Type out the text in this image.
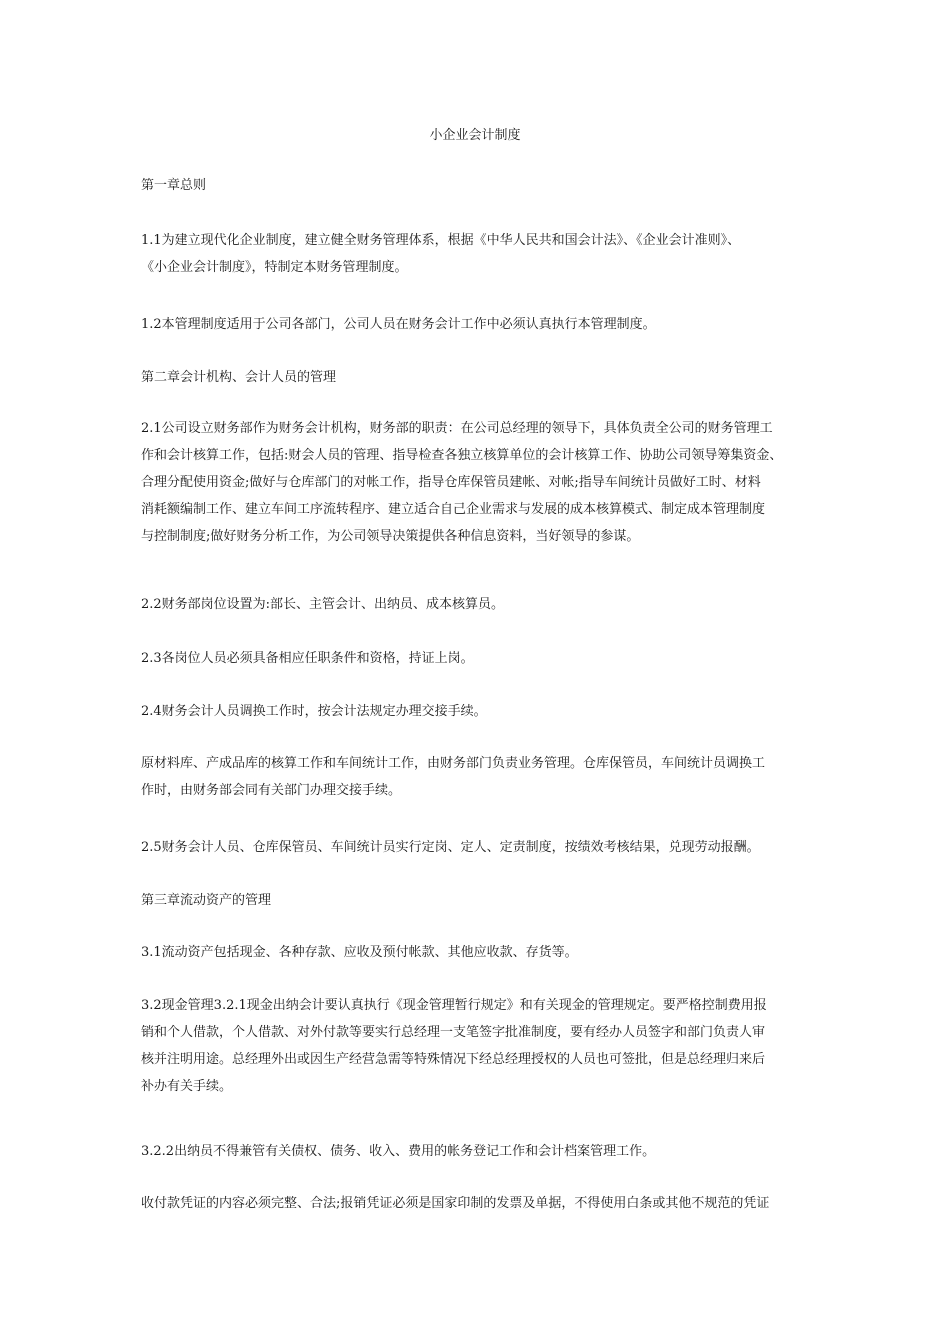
小企业会计制度

第一章总则

1.1为建立现代化企业制度，建立健全财务管理体系，根据《中华人民共和国会计法》、《企业会计准则》、
《小企业会计制度》，特制定本财务管理制度。

1.2本管理制度适用于公司各部门，公司人员在财务会计工作中必须认真执行本管理制度。

第二章会计机构、会计人员的管理

2.1公司设立财务部作为财务会计机构，财务部的职责：在公司总经理的领导下，具体负责全公司的财务管理工
作和会计核算工作，包括:财会人员的管理、指导检查各独立核算单位的会计核算工作、协助公司领导筹集资金、
合理分配使用资金;做好与仓库部门的对帐工作，指导仓库保管员建帐、对帐;指导车间统计员做好工时、材料
消耗额编制工作、建立车间工序流转程序、建立适合自己企业需求与发展的成本核算模式、制定成本管理制度
与控制制度;做好财务分析工作，为公司领导决策提供各种信息资料，当好领导的参谋。

2.2财务部岗位设置为:部长、主管会计、出纳员、成本核算员。

2.3各岗位人员必须具备相应任职条件和资格，持证上岗。

2.4财务会计人员调换工作时，按会计法规定办理交接手续。

原材料库、产成品库的核算工作和车间统计工作，由财务部门负责业务管理。仓库保管员，车间统计员调换工
作时，由财务部会同有关部门办理交接手续。

2.5财务会计人员、仓库保管员、车间统计员实行定岗、定人、定责制度，按绩效考核结果，兑现劳动报酬。

第三章流动资产的管理

3.1流动资产包括现金、各种存款、应收及预付帐款、其他应收款、存货等。

3.2现金管理3.2.1现金出纳会计要认真执行《现金管理暂行规定》和有关现金的管理规定。要严格控制费用报
销和个人借款，个人借款、对外付款等要实行总经理一支笔签字批准制度，要有经办人员签字和部门负责人审
核并注明用途。总经理外出或因生产经营急需等特殊情况下经总经理授权的人员也可签批，但是总经理归来后
补办有关手续。

3.2.2出纳员不得兼管有关债权、债务、收入、费用的帐务登记工作和会计档案管理工作。

收付款凭证的内容必须完整、合法;报销凭证必须是国家印制的发票及单据，不得使用白条或其他不规范的凭证
